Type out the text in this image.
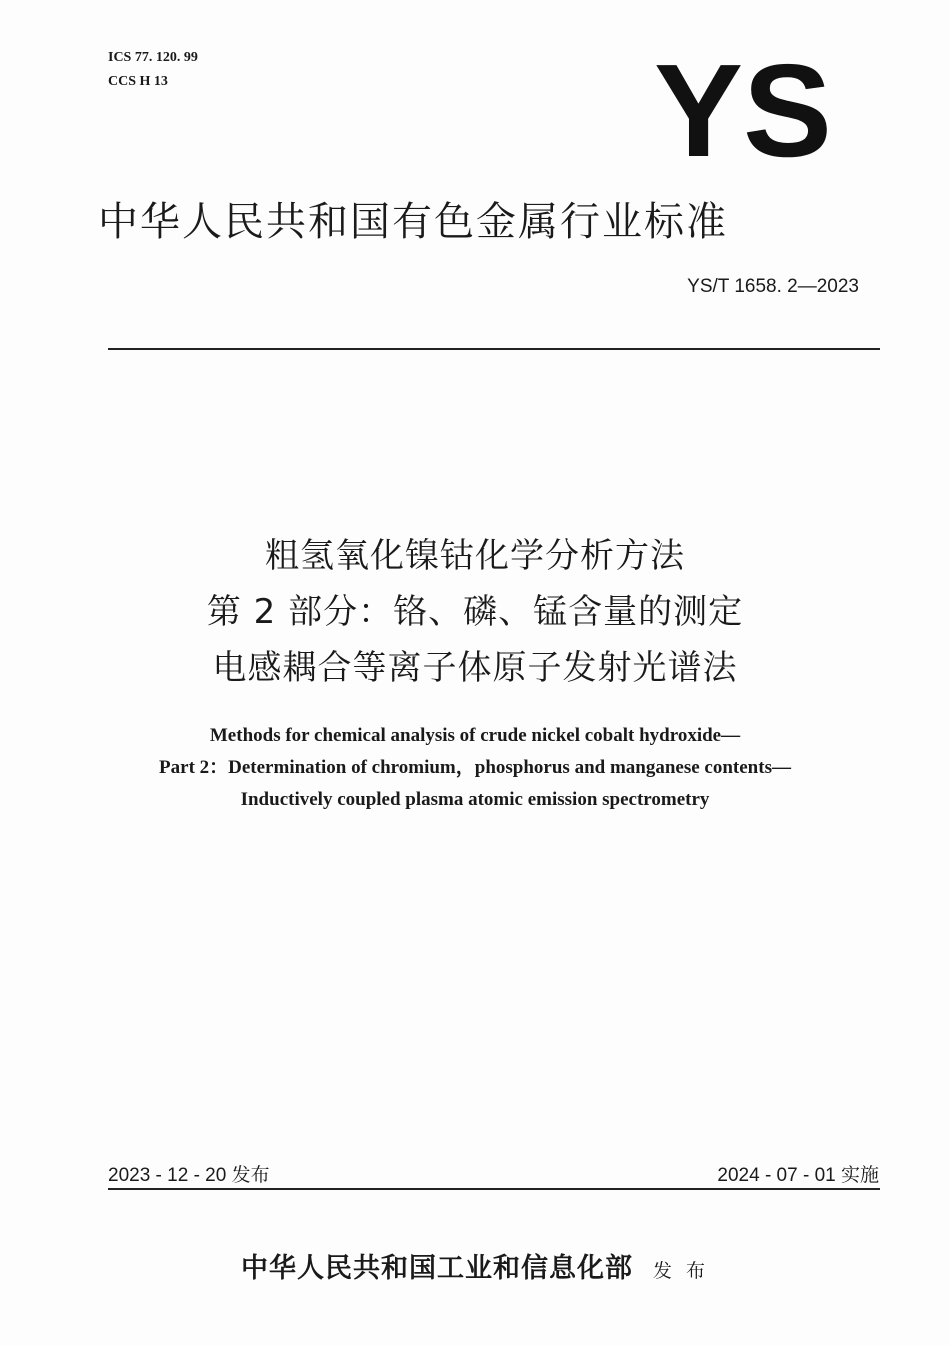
ICS 77. 120. 99
CCS H 13	YS
中华人民共和国有色金属行业标准
YS/T 1658. 2—2023
粗氢氧化镍钴化学分析方法
第 2 部分：铬、磷、锰含量的测定
电感耦合等离子体原子发射光谱法
Methods for chemical analysis of crude nickel cobalt hydroxide—
Part 2：Determination of chromium，phosphorus and manganese contents—
Inductively coupled plasma atomic emission spectrometry
2023 - 12 - 20 发布	2024 - 07 - 01 实施
中华人民共和国工业和信息化部 发 布
